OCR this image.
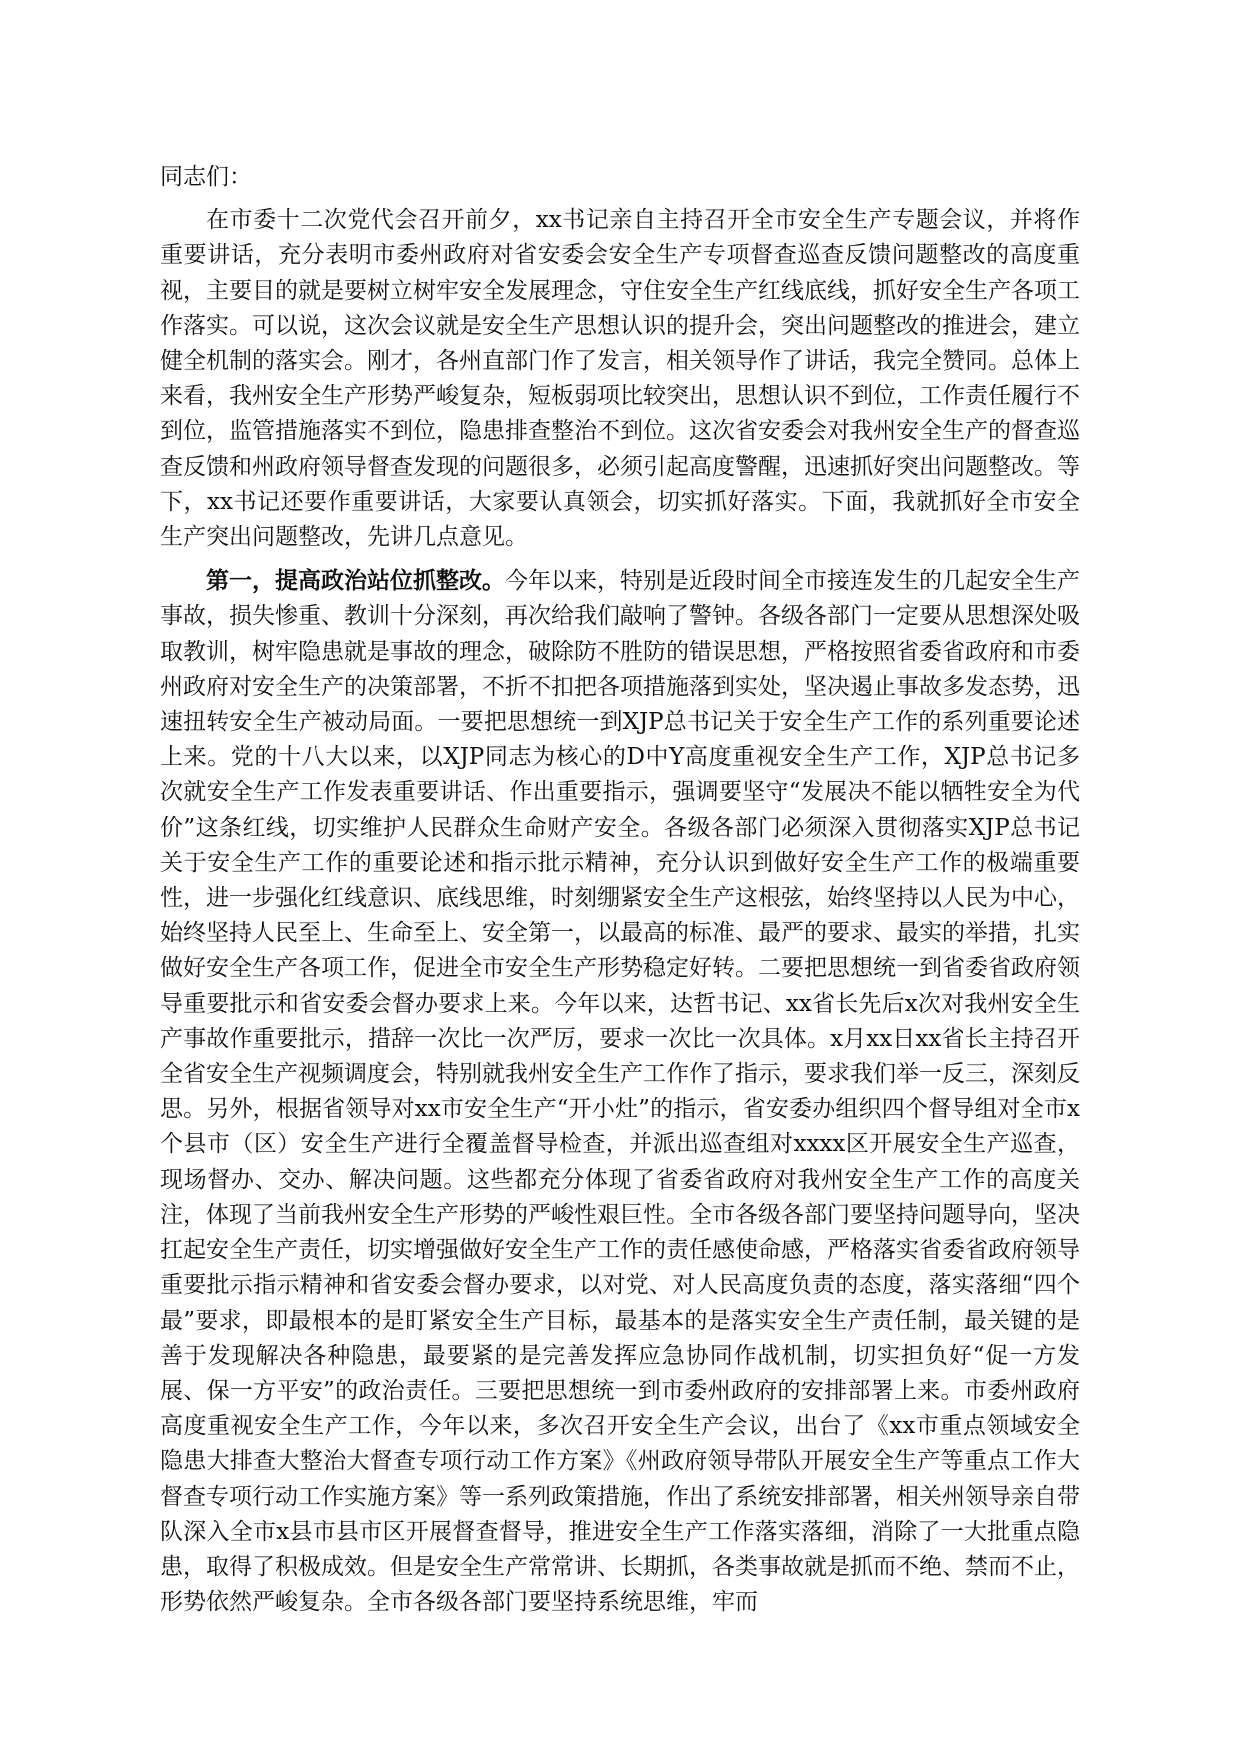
同志们：

在市委十二次党代会召开前夕，xx书记亲自主持召开全市安全生产专题会议，并将作重要讲话，充分表明市委州政府对省安委会安全生产专项督查巡查反馈问题整改的高度重视，主要目的就是要树立树牢安全发展理念，守住安全生产红线底线，抓好安全生产各项工作落实。可以说，这次会议就是安全生产思想认识的提升会，突出问题整改的推进会，建立健全机制的落实会。刚才，各州直部门作了发言，相关领导作了讲话，我完全赞同。总体上来看，我州安全生产形势严峻复杂，短板弱项比较突出，思想认识不到位，工作责任履行不到位，监管措施落实不到位，隐患排查整治不到位。这次省安委会对我州安全生产的督查巡查反馈和州政府领导督查发现的问题很多，必须引起高度警醒，迅速抓好突出问题整改。等下，xx书记还要作重要讲话，大家要认真领会，切实抓好落实。下面，我就抓好全市安全生产突出问题整改，先讲几点意见。

第一，提高政治站位抓整改。今年以来，特别是近段时间全市接连发生的几起安全生产事故，损失惨重、教训十分深刻，再次给我们敲响了警钟。各级各部门一定要从思想深处吸取教训，树牢隐患就是事故的理念，破除防不胜防的错误思想，严格按照省委省政府和市委州政府对安全生产的决策部署，不折不扣把各项措施落到实处，坚决遏止事故多发态势，迅速扭转安全生产被动局面。一要把思想统一到XJP总书记关于安全生产工作的系列重要论述上来。党的十八大以来，以XJP同志为核心的D中Y高度重视安全生产工作，XJP总书记多次就安全生产工作发表重要讲话、作出重要指示，强调要坚守“发展决不能以牺牲安全为代价”这条红线，切实维护人民群众生命财产安全。各级各部门必须深入贯彻落实XJP总书记关于安全生产工作的重要论述和指示批示精神，充分认识到做好安全生产工作的极端重要性，进一步强化红线意识、底线思维，时刻绷紧安全生产这根弦，始终坚持以人民为中心，始终坚持人民至上、生命至上、安全第一，以最高的标准、最严的要求、最实的举措，扎实做好安全生产各项工作，促进全市安全生产形势稳定好转。二要把思想统一到省委省政府领导重要批示和省安委会督办要求上来。今年以来，达哲书记、xx省长先后x次对我州安全生产事故作重要批示，措辞一次比一次严厉，要求一次比一次具体。x月xx日xx省长主持召开全省安全生产视频调度会，特别就我州安全生产工作作了指示，要求我们举一反三，深刻反思。另外，根据省领导对xx市安全生产“开小灶”的指示，省安委办组织四个督导组对全市x个县市（区）安全生产进行全覆盖督导检查，并派出巡查组对xxxx区开展安全生产巡查，现场督办、交办、解决问题。这些都充分体现了省委省政府对我州安全生产工作的高度关注，体现了当前我州安全生产形势的严峻性艰巨性。全市各级各部门要坚持问题导向，坚决扛起安全生产责任，切实增强做好安全生产工作的责任感使命感，严格落实省委省政府领导重要批示指示精神和省安委会督办要求，以对党、对人民高度负责的态度，落实落细“四个最”要求，即最根本的是盯紧安全生产目标，最基本的是落实安全生产责任制，最关键的是善于发现解决各种隐患，最要紧的是完善发挥应急协同作战机制，切实担负好“促一方发展、保一方平安”的政治责任。三要把思想统一到市委州政府的安排部署上来。市委州政府高度重视安全生产工作，今年以来，多次召开安全生产会议，出台了《xx市重点领域安全隐患大排查大整治大督查专项行动工作方案》《州政府领导带队开展安全生产等重点工作大督查专项行动工作实施方案》等一系列政策措施，作出了系统安排部署，相关州领导亲自带队深入全市x县市县市区开展督查督导，推进安全生产工作落实落细，消除了一大批重点隐患，取得了积极成效。但是安全生产常常讲、长期抓，各类事故就是抓而不绝、禁而不止，形势依然严峻复杂。全市各级各部门要坚持系统思维，牢而
